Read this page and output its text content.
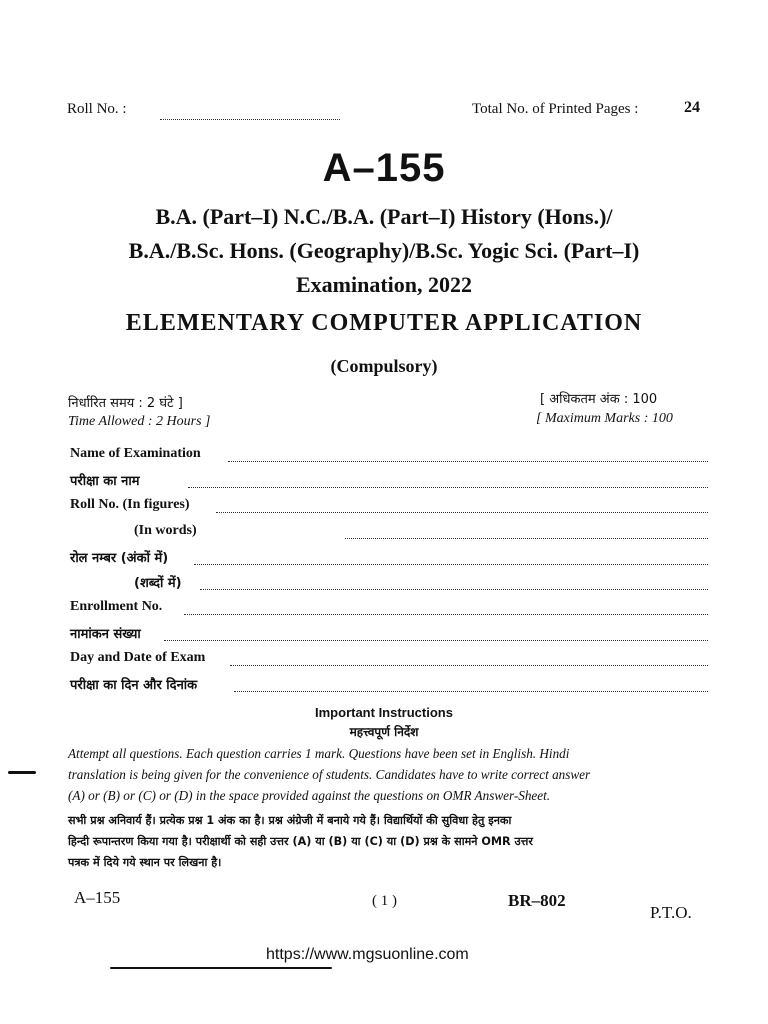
Roll No. :	Total No. of Printed Pages :	24
A–155
B.A. (Part–I) N.C./B.A. (Part–I) History (Hons.)/
B.A./B.Sc. Hons. (Geography)/B.Sc. Yogic Sci. (Part–I)
Examination, 2022
ELEMENTARY COMPUTER APPLICATION
(Compulsory)
निर्धारित समय : 2 घंटे ]
Time Allowed : 2 Hours ]
[ अधिकतम अंक : 100
[ Maximum Marks : 100
Name of Examination
परीक्षा का नाम
Roll No. (In figures)
(In words)
रोल नम्बर (अंकों में)
(शब्दों में)
Enrollment No.
नामांकन संख्या
Day and Date of Exam
परीक्षा का दिन और दिनांक
Important Instructions
महत्त्वपूर्ण निर्देश
Attempt all questions. Each question carries 1 mark. Questions have been set in English. Hindi
translation is being given for the convenience of students. Candidates have to write correct answer
(A) or (B) or (C) or (D) in the space provided against the questions on OMR Answer-Sheet.
सभी प्रश्न अनिवार्य हैं। प्रत्येक प्रश्न 1 अंक का है। प्रश्न अंग्रेजी में बनाये गये हैं। विद्यार्थियों की सुविधा हेतु इनका
हिन्दी रूपान्तरण किया गया है। परीक्षार्थी को सही उत्तर (A) या (B) या (C) या (D) प्रश्न के सामने OMR उत्तर
पत्रक में दिये गये स्थान पर लिखना है।
A–155	( 1 )	BR–802
P.T.O.
https://www.mgsuonline.com
